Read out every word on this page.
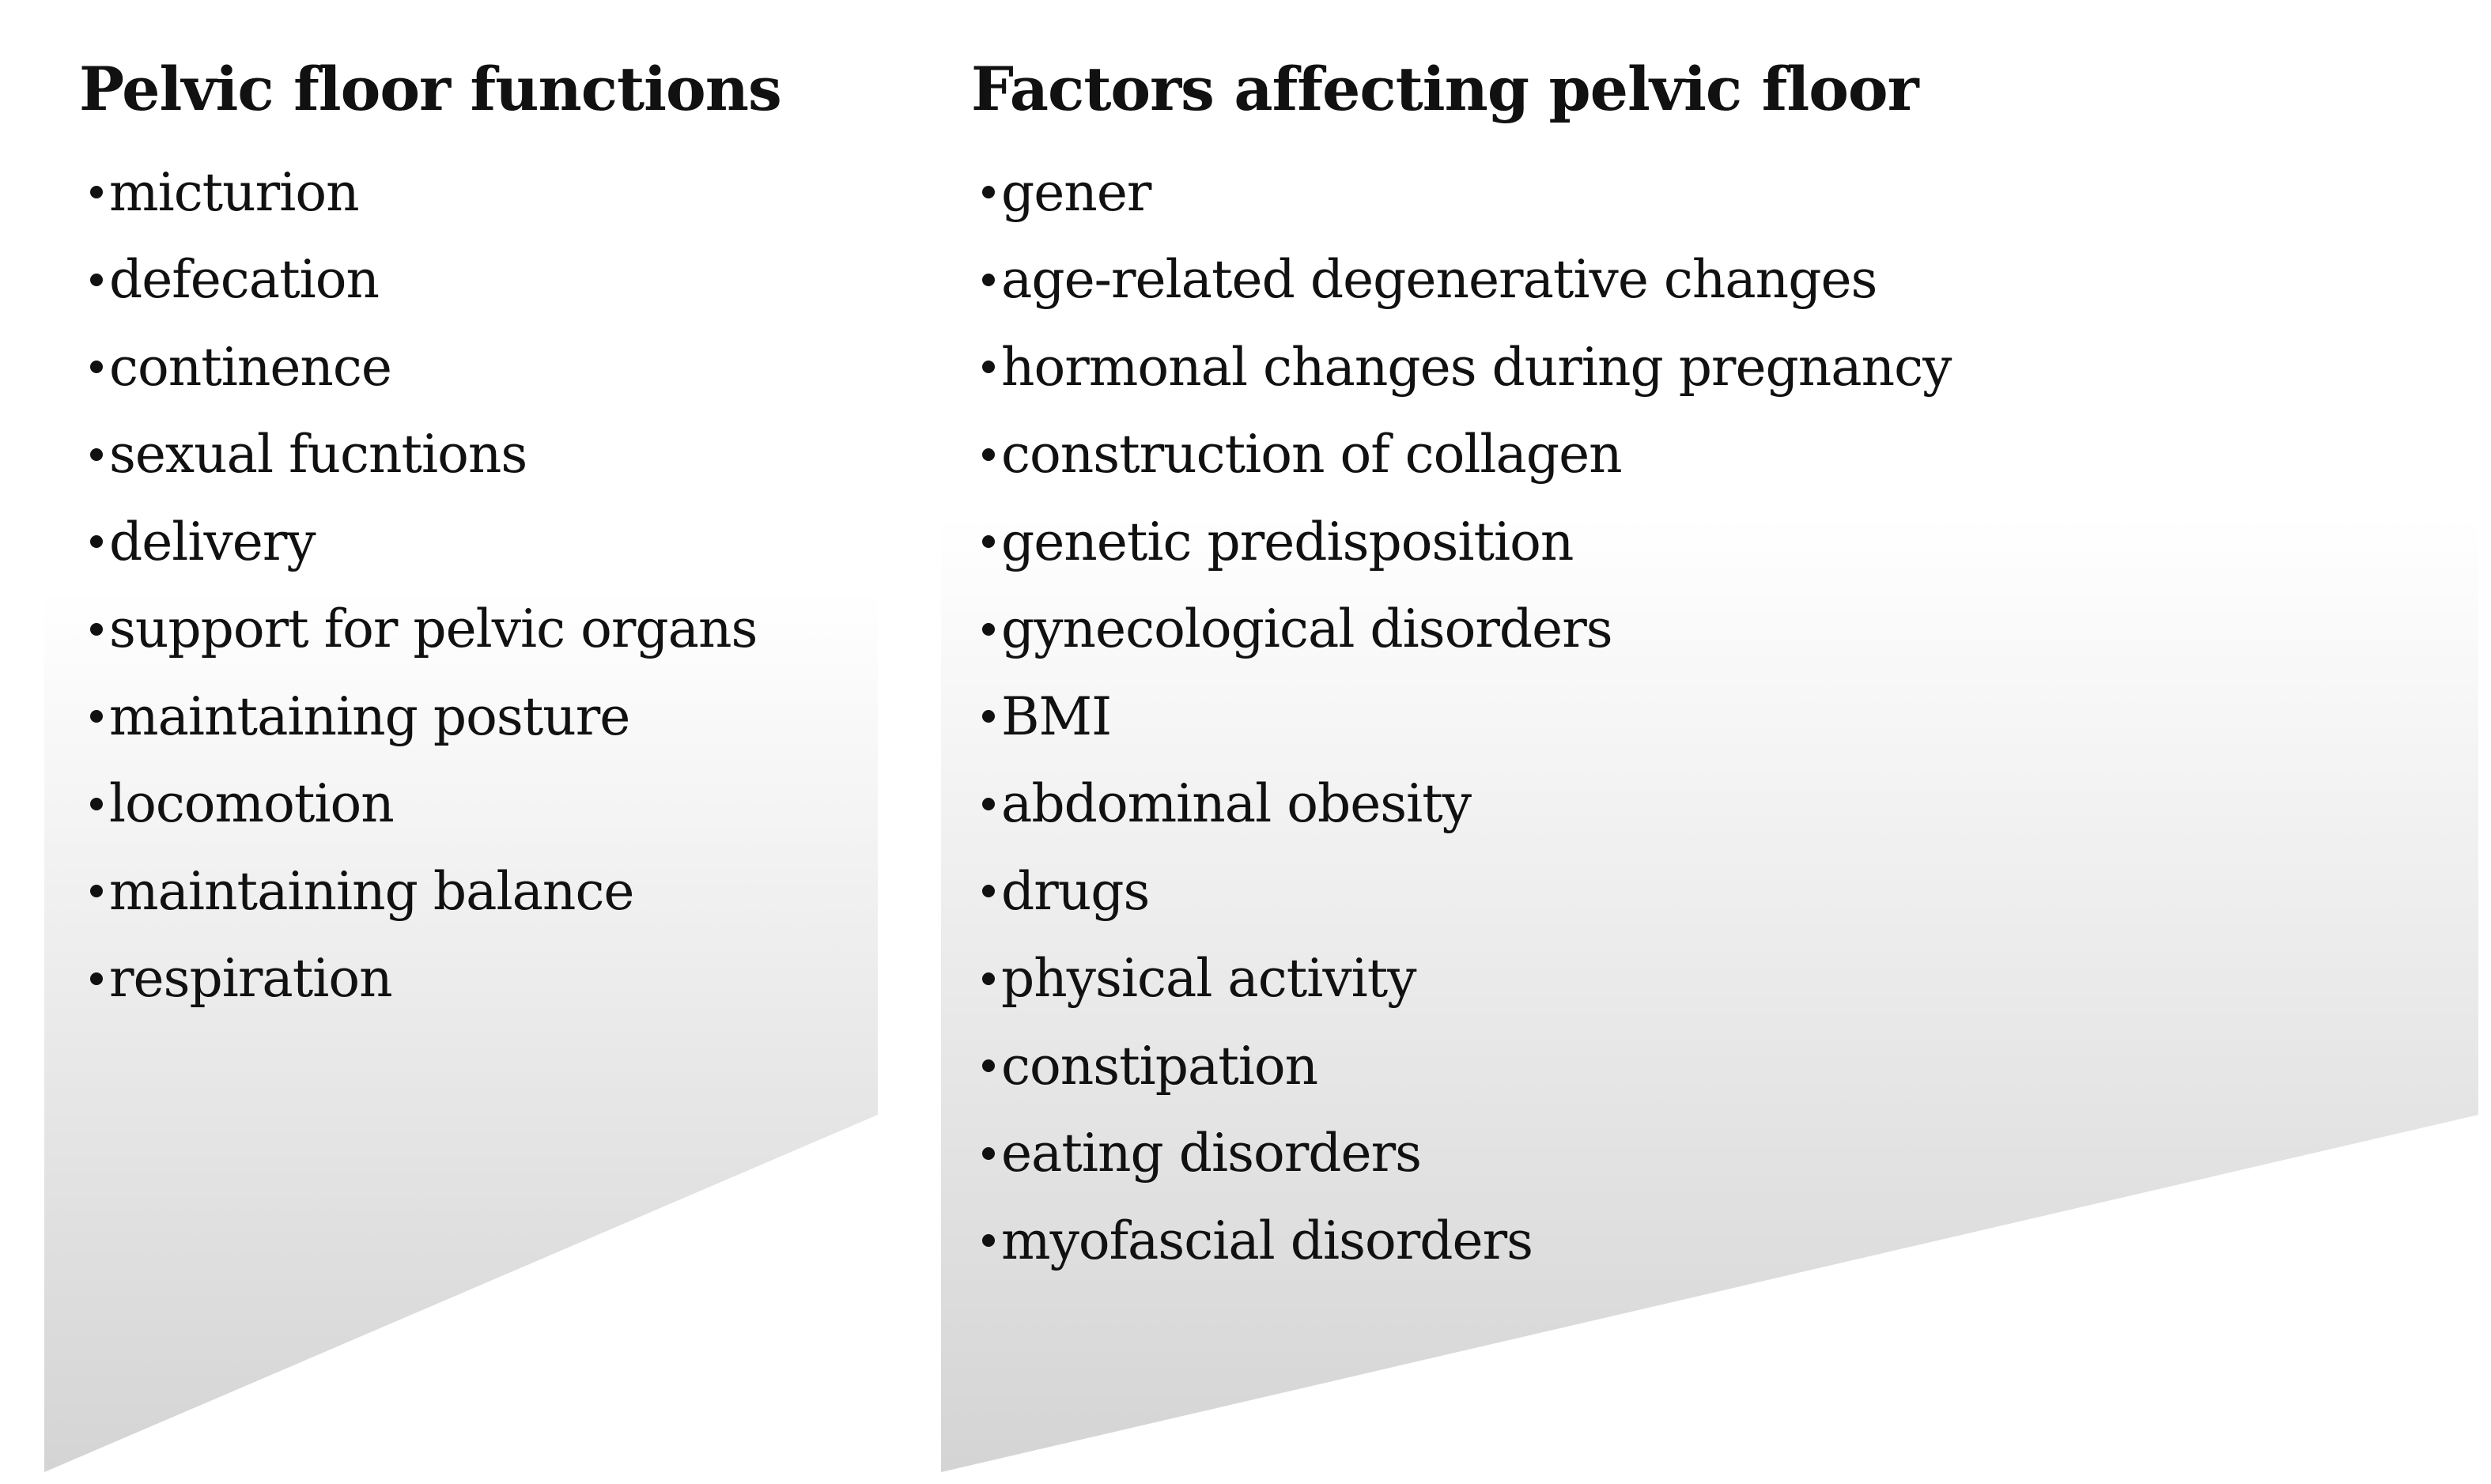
Pelvic floor functions
micturion
defecation
continence
sexual fucntions
delivery
support for pelvic organs
maintaining posture
locomotion
maintaining balance
respiration
Factors affecting pelvic floor
gener
age-related degenerative changes
hormonal changes during pregnancy
construction of collagen
genetic predisposition
gynecological disorders
BMI
abdominal obesity
drugs
physical activity
constipation
eating disorders
myofascial disorders
